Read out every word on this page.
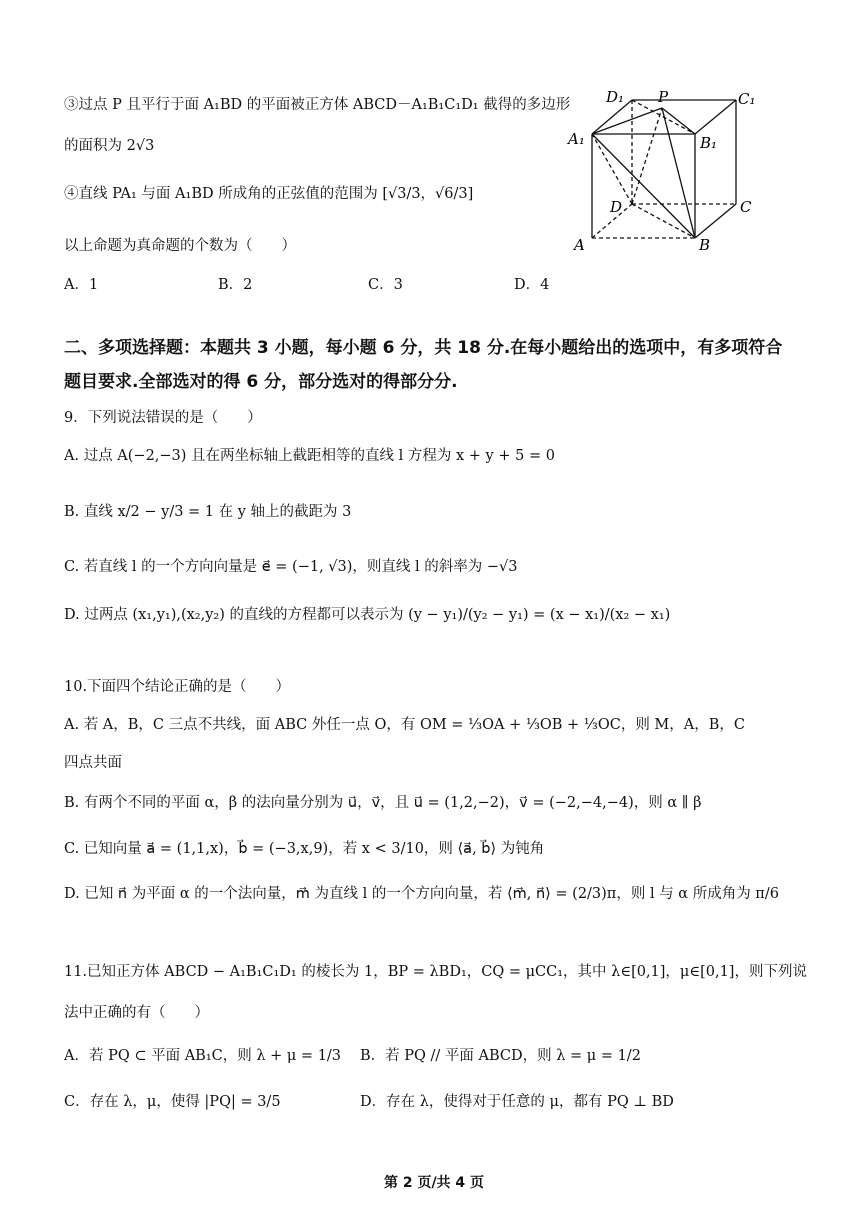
③过点 P 且平行于面 A₁BD 的平面被正方体 ABCD－A₁B₁C₁D₁ 截得的多边形
的面积为 2√3
④直线 PA₁ 与面 A₁BD 所成角的正弦值的范围为 [√3/3，√6/3]
以上命题为真命题的个数为（　　）
A．1	B．2	C．3	D．4
D₁ P	C₁
A₁	B₁
D	C
A	B
二、多项选择题：本题共 3 小题，每小题 6 分，共 18 分.在每小题给出的选项中，有多项符合
题目要求.全部选对的得 6 分，部分选对的得部分分.
9．下列说法错误的是（　　）
A. 过点 A(−2,−3) 且在两坐标轴上截距相等的直线 l 方程为 x + y + 5 = 0
B. 直线 x/2 − y/3 = 1 在 y 轴上的截距为 3
C. 若直线 l 的一个方向向量是 e⃗ = (−1, √3)，则直线 l 的斜率为 −√3
D. 过两点 (x₁,y₁),(x₂,y₂) 的直线的方程都可以表示为 (y − y₁)/(y₂ − y₁) = (x − x₁)/(x₂ − x₁)
10.下面四个结论正确的是（　　）
A. 若 A，B，C 三点不共线，面 ABC 外任一点 O，有 OM = ⅓OA + ⅓OB + ⅓OC，则 M，A，B，C
四点共面
B. 有两个不同的平面 α，β 的法向量分别为 u⃗，v⃗，且 u⃗ = (1,2,−2)，v⃗ = (−2,−4,−4)，则 α ∥ β
C. 已知向量 a⃗ = (1,1,x)，b⃗ = (−3,x,9)，若 x < 3/10，则 ⟨a⃗, b⃗⟩ 为钝角
D. 已知 n⃗ 为平面 α 的一个法向量，m⃗ 为直线 l 的一个方向向量，若 ⟨m⃗, n⃗⟩ = (2/3)π，则 l 与 α 所成角为 π/6
11.已知正方体 ABCD − A₁B₁C₁D₁ 的棱长为 1，BP = λBD₁，CQ = μCC₁，其中 λ∈[0,1]，μ∈[0,1]，则下列说
法中正确的有（　　）
A．若 PQ ⊂ 平面 AB₁C，则 λ + μ = 1/3 B．若 PQ // 平面 ABCD，则 λ = μ = 1/2
C．存在 λ，μ，使得 |PQ| = 3/5	D．存在 λ，使得对于任意的 μ，都有 PQ ⊥ BD
第 2 页/共 4 页
